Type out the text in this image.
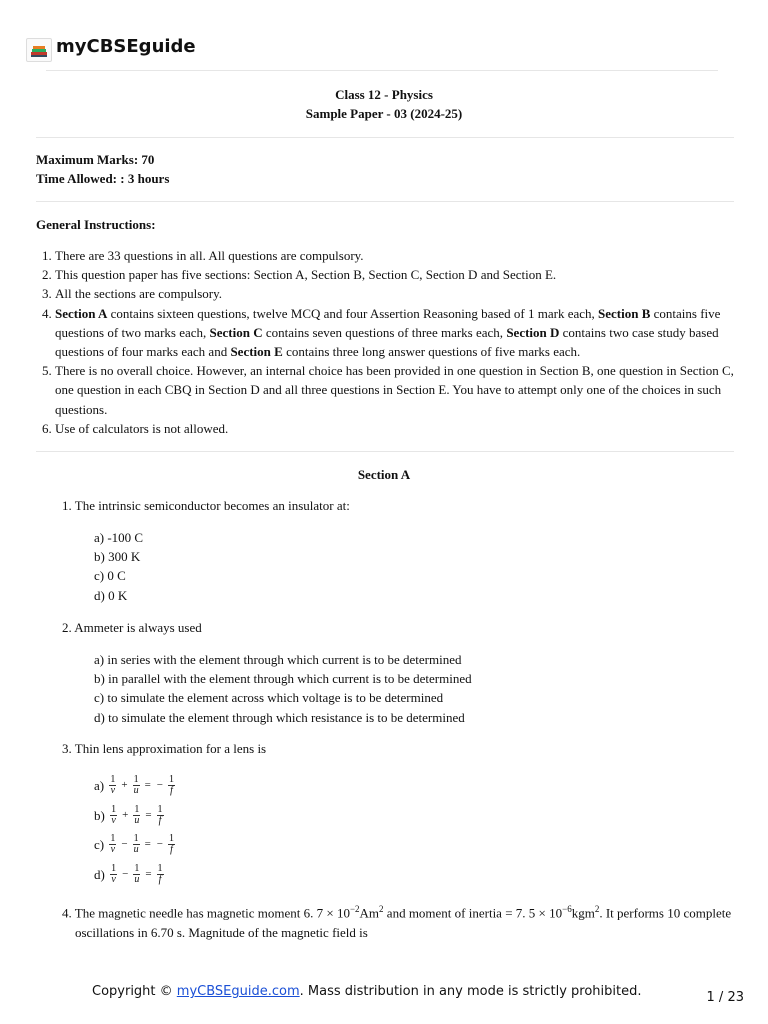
myCBSEguide
Class 12 - Physics
Sample Paper - 03 (2024-25)
Maximum Marks: 70
Time Allowed: : 3 hours
General Instructions:
1. There are 33 questions in all. All questions are compulsory.
2. This question paper has five sections: Section A, Section B, Section C, Section D and Section E.
3. All the sections are compulsory.
4. Section A contains sixteen questions, twelve MCQ and four Assertion Reasoning based of 1 mark each, Section B contains five questions of two marks each, Section C contains seven questions of three marks each, Section D contains two case study based questions of four marks each and Section E contains three long answer questions of five marks each.
5. There is no overall choice. However, an internal choice has been provided in one question in Section B, one question in Section C, one question in each CBQ in Section D and all three questions in Section E. You have to attempt only one of the choices in such questions.
6. Use of calculators is not allowed.
Section A
1. The intrinsic semiconductor becomes an insulator at:
a) -100 C
b) 300 K
c) 0 C
d) 0 K
2. Ammeter is always used
a) in series with the element through which current is to be determined
b) in parallel with the element through which current is to be determined
c) to simulate the element across which voltage is to be determined
d) to simulate the element through which resistance is to be determined
3. Thin lens approximation for a lens is
a)
$\frac{1}{v} + \frac{1}{u}$ = − $\frac{1}{f}$
b)
$\frac{1}{v} + \frac{1}{u} = \frac{1}{f}$
c)
$\frac{1}{v} - \frac{1}{u}$ = − $\frac{1}{f}$
d)
$\frac{1}{v} - \frac{1}{u} = \frac{1}{f}$
4. The magnetic needle has magnetic moment 6. $7 \times 10^{-2}Am^2$ and moment of inertia = 7. $5 \times 10^{-6}kgm^2$. It performs 10 complete oscillations in 6.70 s. Magnitude of the magnetic field is
Copyright © myCBSEguide.com. Mass distribution in any mode is strictly prohibited.	1 / 23
